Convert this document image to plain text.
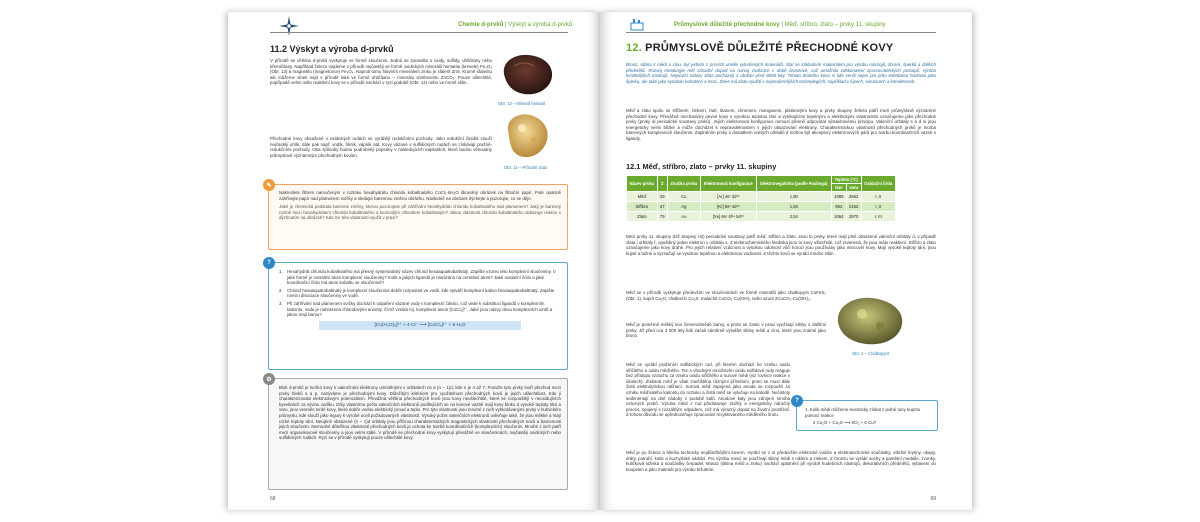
Chemie d-prvků | Výskyt a výroba d-prvků
11.2 Výskyt a výroba d-prvků
V přírodě se většina d-prvků vyskytuje ve formě sloučenin. Jedná se zpravidla o oxidy, sulfidy, uhličitany nebo křemičitany. Například železo najdeme v přírodě nejčastěji ve formě oxidických minerálů hematitu (krevele) Fe₂O₃ (Obr. 13) a magnetitu (magnetovce) Fe₃O₄. Naproti tomu hlavním minerálem zinku je sfalerit ZnS. Kromě sfaleritu ale můžeme zinek najít v přírodě také ve formě uhličitanu – minerálu smithsonitu ZnCO₃. Pouze ušlechtilé, popřípadě velmi málo reaktivní kovy se v přírodě nachází v ryzí podobě (Obr. 14) nebo ve formě slitin.
Přechodné kovy obsažené v oxidických rudách se vyrábějí redukčními pochody. Jako redukční činidla slouží nejčastěji uhlík, dále pak např. vodík, hliník, vápník atd. Kovy vázané v sulfidických rudách se získávají pražně-redukčními pochody. Oba způsoby budou podrobněji popsány v následujících kapitolách, které budou věnovány průmyslově významným přechodným kovům.
Obr. 13 – Minerál hematit
Obr. 14 – Přírodní zlato
✎
Nakreslete filtrem namočeným v roztoku hexahydrátu chloridu kobaltnatého CoCl₂·6H₂O libovolný obrázek na filtrační papír. Poté opatrně zahřívejte papír nad plamenem svíčky a sledujte barevnou změnu obrázku. Následně na obrázek dýchejte a pozorujte, co se děje.
Jaké je chemická podstata barevné změny, kterou pozorujete při zahřívání hexahydrátu chloridu kobaltnatého nad plamenem? Jaký je barevný roztok mezi hexahydrátem chloridu kobaltnatého a bezvodým chloridem kobaltnatým? Jakou vlastnost chloridu kobaltnatého dokazuje reakce s dýchnutím na obrázek? Kde lze této vlastnosti využít v praxi?
?
1. Hexahydrát chloridu kobaltnatého má přesný systematický název chlorid hexaaquakobaltnatý. Zapište vzorec této komplexní sloučeniny. V jaké formě je centrální atom komplexní sloučeniny? Kolik a jakých ligandů je navázáno na centrální atom? Jaké oxidační číslo a jaké koordinační číslo má atom kobaltu ve sloučenině?
2. Chlorid hexaaquakobaltnatý je komplexní sloučenina dobře rozpustná ve vodě, kde vytváří komplexní kation hexaaquakobaltnatý. Zapište rovnici disociace sloučeniny ve vodě.
3. Při zahřívání nad plamenem svíčky dochází k odpaření vázané vody v komplexní částici, což vede k substituci ligandů v komplexním kationtu, voda je nahrazena chloridovými anionty. Čímž vzniká mj. komplexní anion [CoCl₄]²⁻. Jaké jsou názvy obou komplexních iontů a jakou mají barvu?
[Co(H₂O)₆]²⁺ + 4 Cl⁻ ⟶ [CoCl₄]²⁻ + 6 H₂O
⚙
Blok d-prvků je tvořen kovy s valenčními elektrony umístěnými v orbitalech ns a (n − 1)d, kde n je 4 až 7. Protože tyto prvky tvoří přechod mezi prvky bloků s a p, nazýváme je přechodnými kovy. Důležitým kritériem pro využitelnost přechodných kovů je jejich ušlechtilost. Kde ji charakterizovala elektrodovým potenciálem. Převážná většina přechodných kovů jsou kovy neušlechtilé, které se rozpouštějí v neoxidujících kyselinách za vývinu vodíku. Díky vlastnímu počtu valenčních elektronů podílejících se na kovové vazbě mají kovy bloku d vysoké teploty tání a varu, jsou vesměs tvrdé kovy, které dobře vedou elektrický proud a teplo. Pro tyto vlastnosti jsou mnohé z nich vyhledávanými prvky v hutnickém průmyslu, kde slouží jako legury k výrobě oceli požadovaných vlastností. Vysoký počet valenčních elektronů ovlivňuje také, že jsou měkké a mají nízké teploty tání. Neúplně obsazené (n − 1)d orbitaly jsou příčinou charakteristických magnetických vlastností přechodných kovů a barevnosti jejich sloučenin. Nemnohé důležitou vlastností přechodných kovů je ochota ke tvorbě koordinačních (komplexních) sloučenin. Mnohé z nich patří mezi organokovové sloučeniny a jsou velmi stálé. V přírodě se přechodné kovy vyskytují převážně ve sloučeninách, nejčastěji oxidických nebo sulfidických rudách. Ryzí se v přírodě vyskytují pouze ušlechtilé kovy.
68
Průmyslově důležité přechodné kovy | Měď, stříbro, zlato – prvky 11. skupiny
12. PRŮMYSLOVĚ DŮLEŽITÉ PŘECHODNÉ KOVY
Bronz, slitina z mědi a cínu, byl jedním z prvních uměle vytvořených materiálů. Stal se základním materiálem pro výrobu nástrojů, zbraní, šperků a dalších předmětů. Rozvoj metalurgie měl zásadní dopad na rozvoj civilizace v době bronzové, což umožnila zdokonalení zpracovatelských postupů, výroba kvalitnějších nástrojů. Nejstarší nálezy zlata pocházejí z období před 6000 lety. Tohoto drahého kovu si lidé cenili nejen pro jeho estetickou hodnotu jako šperku, ale také jako symbolu bohatství a moci. Dnes má zlato využití v nejmodernějších technologiích, například v čipech, senzorech a konektorech.
Měď a zlato spolu se stříbrem, zinkem, rtutí, titanem, chromem, manganem, platinovými kovy a prvky skupiny železa patří mezi průmyslově významné přechodné kovy. Převážně mechanicky pevné kovy s vysokou teplotou tání a vynikajícími tepelnými a elektrickými vlastnostmi označujeme jako přechodné prvky (prvky di periodické soustavy prvků). Jejich elektronová konfigurace nemusí přesně odpovídat výstavbovému principu. Valenční orbitaly s a d si jsou energeticky velmi blízké a může docházet k nepravidelnostem v jejich obsazování elektrony. Charakteristickou vlastností přechodných prvků je tvorba barevných komplexních sloučenin. Zaplněním prvky s dostatkem volných orbitalů d mohou být akceptory elektronových párů pro tvorbu koordinačních vazeb s ligandy.
12.1 Měď, stříbro, zlato – prvky 11. skupiny
Název prvku	Z	Značka prvku	Elektronová konfigurace	Elektronegativita (podle Paulinga)	Teplota (°C)		Oxidační čísla
					tání	varu	
Měď	29	Cu	[Ar] 4s¹ 3d¹⁰	1,90	1085	2562	I, II
Stříbro	47	Ag	[Kr] 5s¹ 4d¹⁰	1,93	962	2162	I, II
Zlato	79	Au	[Xe] 6s¹ 4f¹⁴ 5d¹⁰	2,54	1064	2970	I, III
Mezi prvky 11. skupiny (též skupiny I.B) periodické soustavy patří měď, stříbro a zlato. Jsou to prvky, které mají plně obsazené valenční orbitaly d, v případě zlata i orbitaly f, opuštěný jeden elektron v orbitalu s. Z elektrochemického hlediska jsou to kovy ušlechtilé, což znamená, že jsou málo reaktivní. Stříbro a zlato označujeme jako kovy drahé. Pro jejich relativní vzácnost a vysokou odolnost vůči korozi jsou používány jako mincovní kovy. Mají vysoké teploty tání, jsou kujné a tažné a vyznačují se vysokou tepelnou a elektrickou vodivostí. Z těchto kovů se vyrábí mnoho slitin.
Měď se v přírodě vyskytuje především ve sloučeninách ve formě minerálů jako chalkopyrit CuFeS₂ (Obr. 1), kuprit Cu₂O, chalkozín Cu₂S, malachit CuCO₃·Cu(OH)₂ nebo azurit 2CuCO₃·Cu(OH)₂.
Měď je poměrně měkký kov červenohnědé barvy, a proto se často v praxi využívají slitiny s dalšími prvky. Již před cca 3 000 lety lidé začali záměrně vytvářet slitiny mědi a cínu, které jsou známé jako bronz.
Obr. 1 – Chalkopyrit
Měď se vyrábí pražením sulfidických rud, při kterém dochází ke vzniku oxidu siřičitého a oxidu měďného. Ten s vhodným množstvím oxidu sulfidové rudy reaguje bez přístupu vzduchu za vzniku oxidu siřičitého a surové mědi (viz rovnice reakce v úkolech). Získaná měď je však znečištěna různými příměsmi, proto se musí dále čistit elektrolytickou rafinací. Surová měď zapojená jako anoda se rozpouští za vzniku měďnatého kationtu do roztoku a čistá měď se vylučuje na katodě. Nečistoty sedimentují na dně nádoby v podobě kalů. Anodové kaly jsou zdrojem mnoha vzácných prvků. Výroba mědi z rud představuje složitý a energeticky náročný proces, spojený s rozsáhlým odpadem, což má výrazný dopad na životní prostředí. Z tohoto důvodu se upřednostňuje zpracování recyklovaného měděného šrotu.
?
1. Kolik mědi můžeme teoreticky získat z jedné tuny kupritu pomocí reakce
2 Cu₂O + Cu₂S ⟶ SO₂ + 6 Cu?
Měď je po železe a hliníku technicky nejdůležitějším kovem. Vyrábí se z ní především elektrické vodiče a elektrotechnické součástky, střešní krytiny, okapy, dráty, potrubí, kotle a kuchyňské nádobí. Pro výrobu mincí se používají slitiny mědi s niklem a zinkem. Z bronzu se vyrábí sochy a pamětní medaile, zvonky, kuličková ložiska a součástky čerpadel. Mosaz (slitina mědi a zinku) nachází uplatnění při výrobě hudebních nástrojů, dekorativních předmětů, vybavení do koupelen a jako materiál pro výrobu bižuterie.
69
